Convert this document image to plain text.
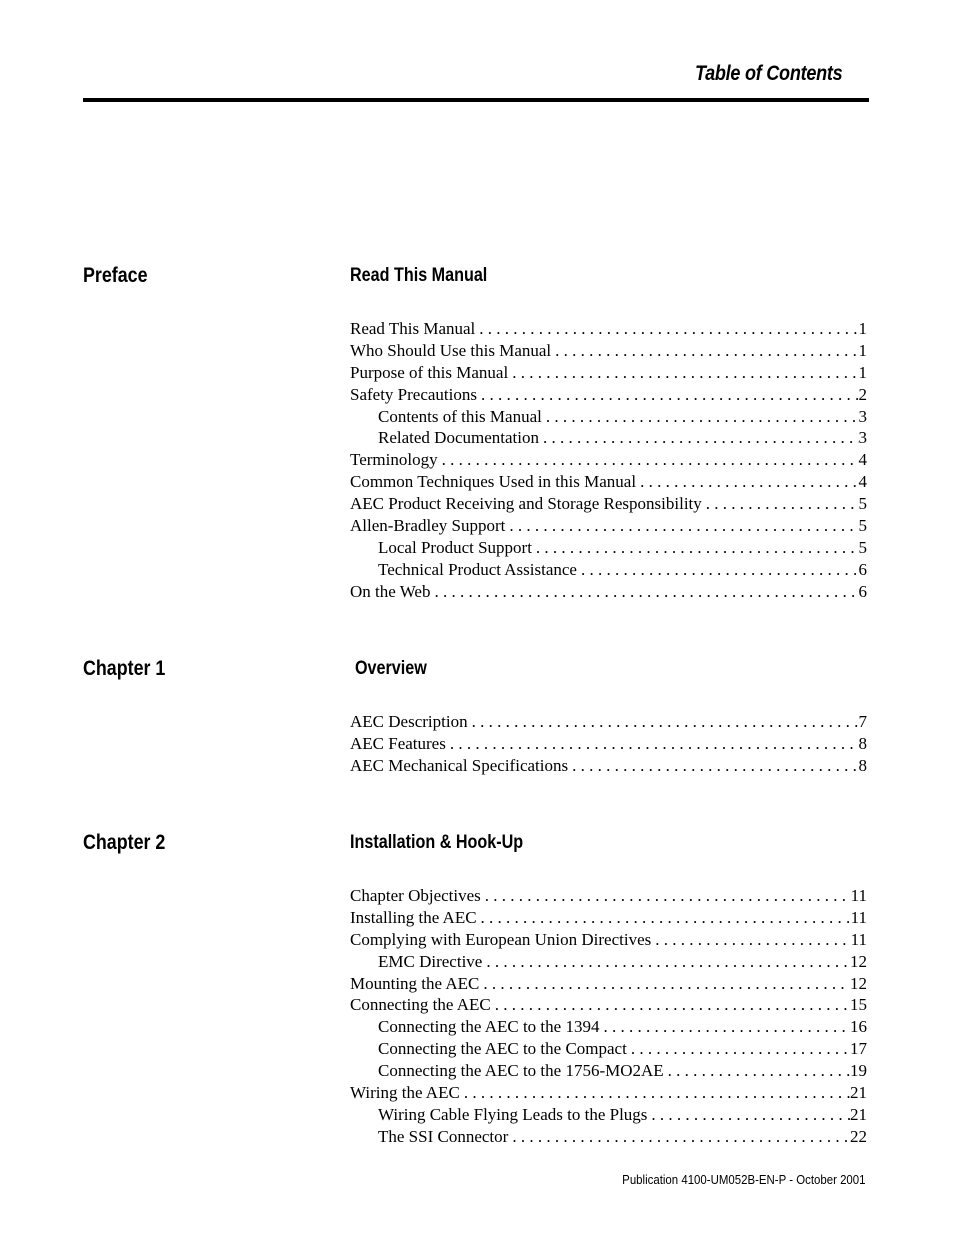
Table of Contents
Preface	Read This Manual
Read This Manual . . .	1
Who Should Use this Manual . . .	1
Purpose of this Manual . . .	1
Safety Precautions . . .	2
Contents of this Manual . . .	3
Related Documentation . . .	3
Terminology . . .	4
Common Techniques Used in this Manual . . .	4
AEC Product Receiving and Storage Responsibility . . .	5
Allen-Bradley Support . . .	5
Local Product Support . . .	5
Technical Product Assistance . . .	6
On the Web . . .	6
Chapter 1	Overview
AEC Description . . .	7
AEC Features . . .	8
AEC Mechanical Specifications . . .	8
Chapter 2	Installation & Hook-Up
Chapter Objectives . . .	11
Installing the AEC . . .	11
Complying with European Union Directives . . .	11
EMC Directive . . .	12
Mounting the AEC . . .	12
Connecting the AEC . . .	15
Connecting the AEC to the 1394 . . .	16
Connecting the AEC to the Compact . . .	17
Connecting the AEC to the 1756-MO2AE . . .	19
Wiring the AEC . . .	21
Wiring Cable Flying Leads to the Plugs . . .	21
The SSI Connector . . .	22
Publication 4100-UM052B-EN-P - October 2001
